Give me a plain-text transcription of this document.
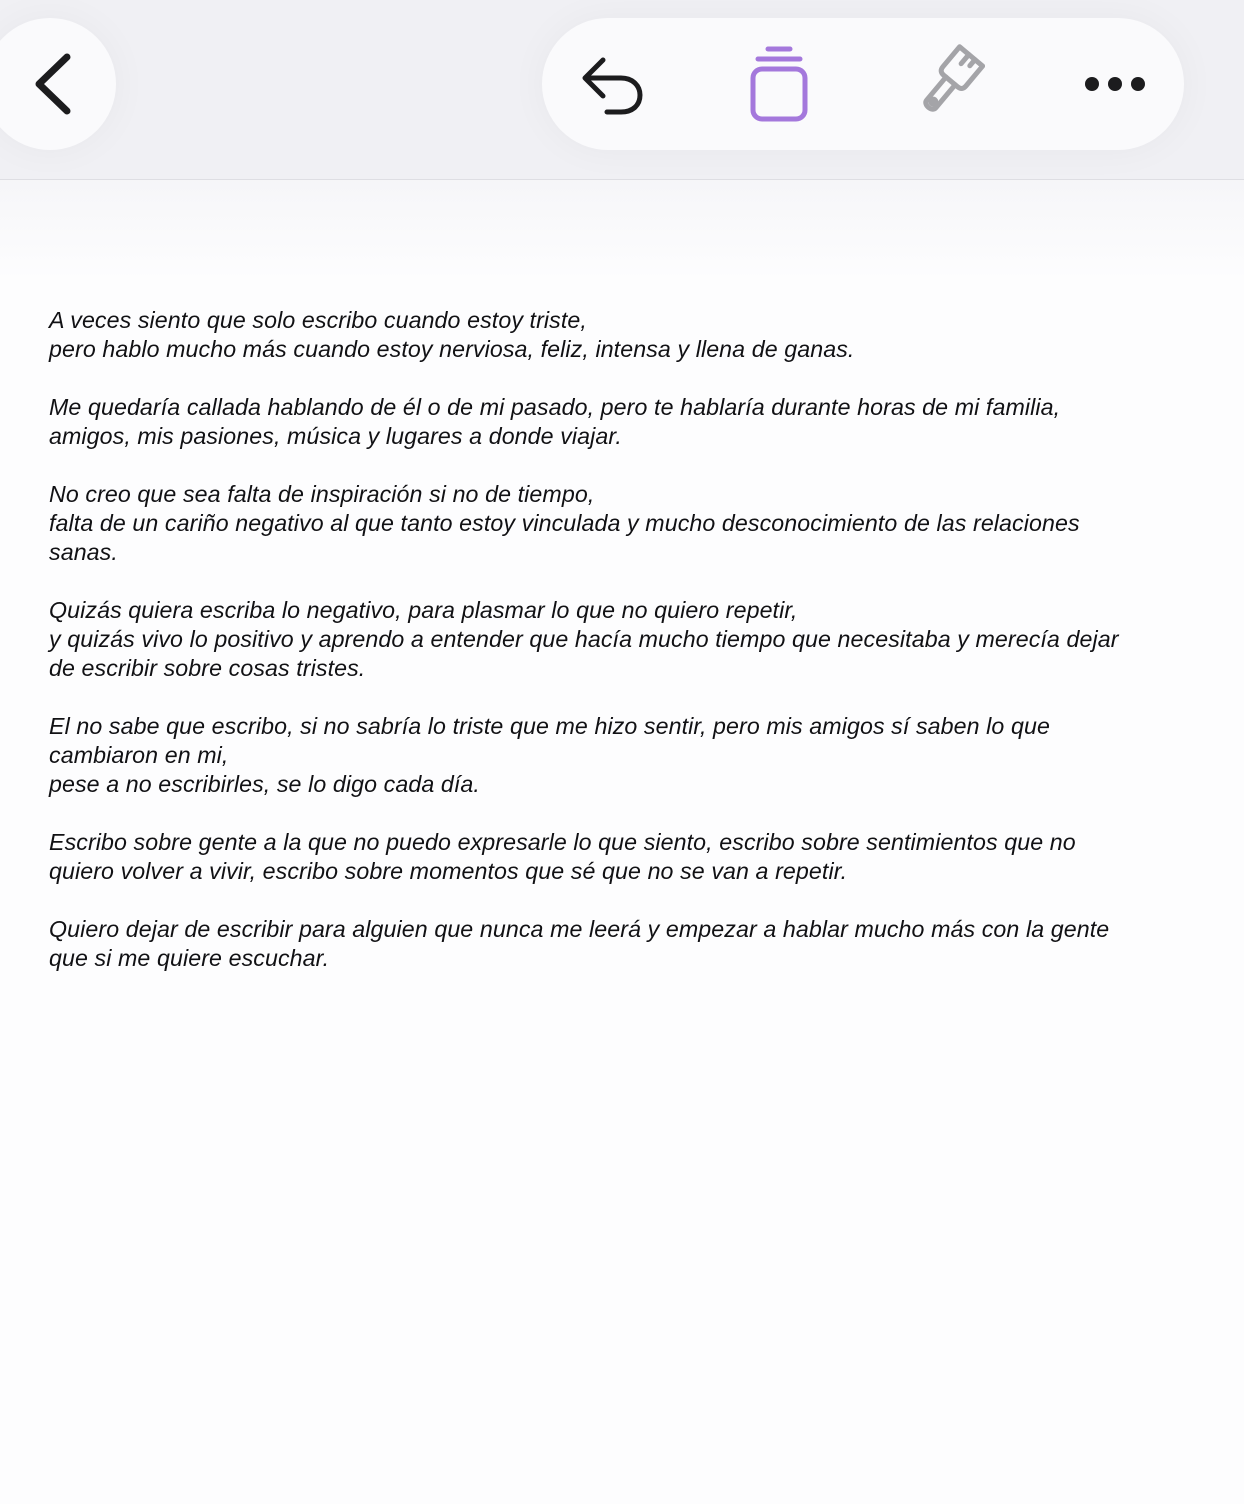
A veces siento que solo escribo cuando estoy triste,
pero hablo mucho más cuando estoy nerviosa, feliz, intensa y llena de ganas.

Me quedaría callada hablando de él o de mi pasado, pero te hablaría durante horas de mi familia, amigos, mis pasiones, música y lugares a donde viajar.

No creo que sea falta de inspiración si no de tiempo,
falta de un cariño negativo al que tanto estoy vinculada y mucho desconocimiento de las relaciones sanas.

Quizás quiera escriba lo negativo, para plasmar lo que no quiero repetir,
y quizás vivo lo positivo y aprendo a entender que hacía mucho tiempo que necesitaba y merecía dejar de escribir sobre cosas tristes.

El no sabe que escribo, si no sabría lo triste que me hizo sentir, pero mis amigos sí saben lo que cambiaron en mi,
pese a no escribirles, se lo digo cada día.

Escribo sobre gente a la que no puedo expresarle lo que siento, escribo sobre sentimientos que no quiero volver a vivir, escribo sobre momentos que sé que no se van a repetir.

Quiero dejar de escribir para alguien que nunca me leerá y empezar a hablar mucho más con la gente que si me quiere escuchar.
